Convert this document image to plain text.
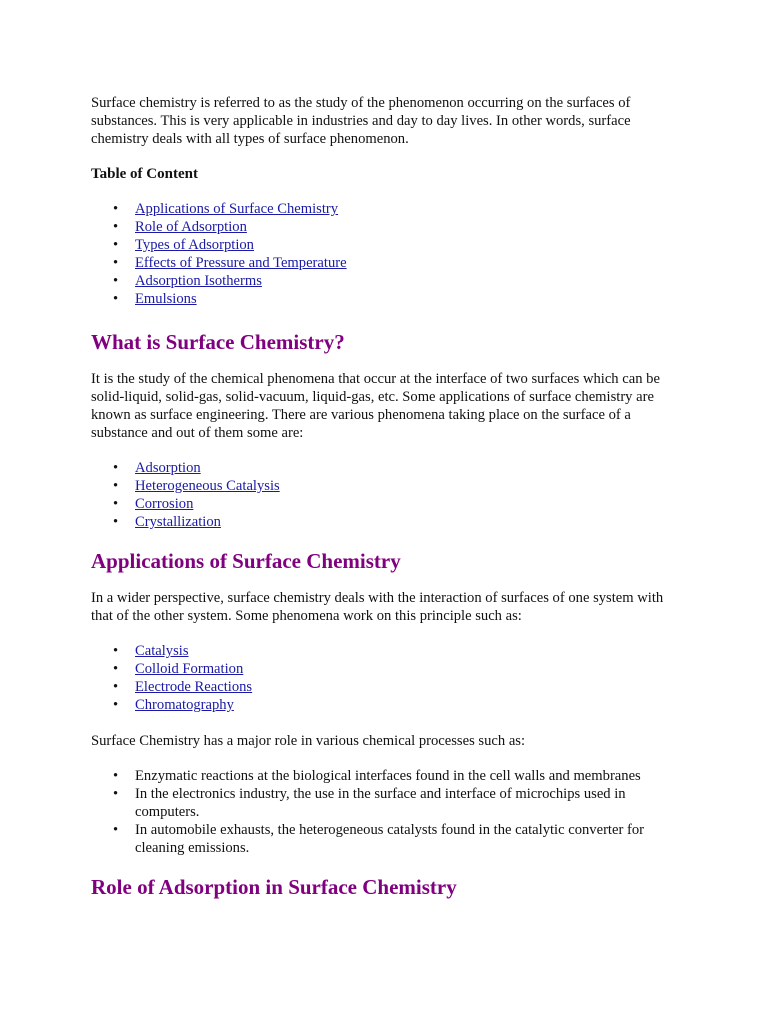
Surface chemistry is referred to as the study of the phenomenon occurring on the surfaces of substances. This is very applicable in industries and day to day lives. In other words, surface chemistry deals with all types of surface phenomenon.

Table of Content

• Applications of Surface Chemistry
• Role of Adsorption
• Types of Adsorption
• Effects of Pressure and Temperature
• Adsorption Isotherms
• Emulsions
What is Surface Chemistry?

It is the study of the chemical phenomena that occur at the interface of two surfaces which can be solid-liquid, solid-gas, solid-vacuum, liquid-gas, etc. Some applications of surface chemistry are known as surface engineering. There are various phenomena taking place on the surface of a substance and out of them some are:

• Adsorption
• Heterogeneous Catalysis
• Corrosion
• Crystallization
Applications of Surface Chemistry

In a wider perspective, surface chemistry deals with the interaction of surfaces of one system with that of the other system. Some phenomena work on this principle such as:

• Catalysis
• Colloid Formation
• Electrode Reactions
• Chromatography

Surface Chemistry has a major role in various chemical processes such as:

• Enzymatic reactions at the biological interfaces found in the cell walls and membranes
• In the electronics industry, the use in the surface and interface of microchips used in computers.
• In automobile exhausts, the heterogeneous catalysts found in the catalytic converter for cleaning emissions.
Role of Adsorption in Surface Chemistry
